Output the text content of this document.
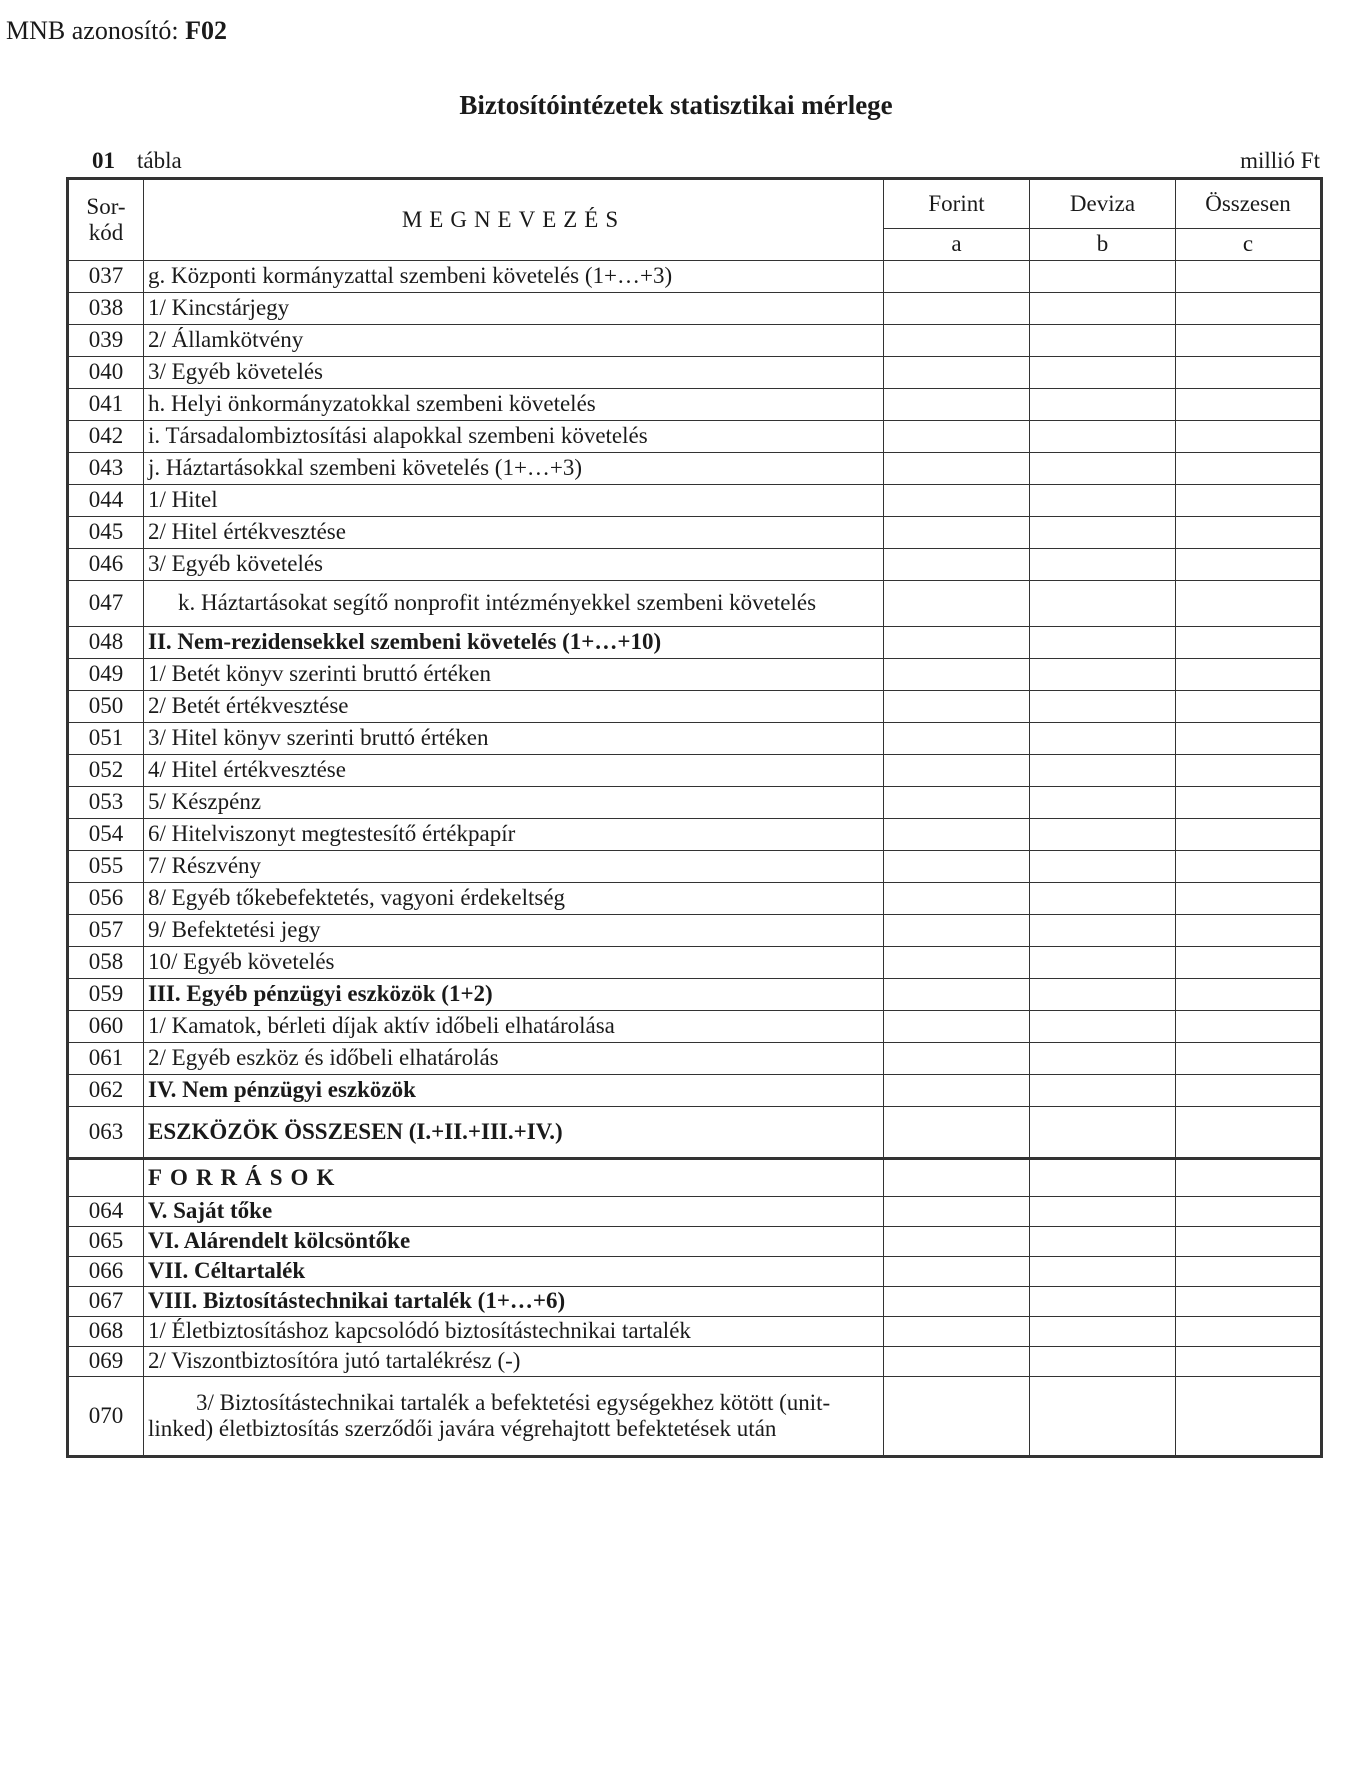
MNB azonosító: F02
Biztosítóintézetek statisztikai mérlege
01 tábla	millió Ft
Sor-
kód	MEGNEVEZÉS	Forint	Deviza	Összesen
		a	b	c
037	g. Központi kormányzattal szembeni követelés (1+…+3)			
038	1/ Kincstárjegy			
039	2/ Államkötvény			
040	3/ Egyéb követelés			
041	h. Helyi önkormányzatokkal szembeni követelés			
042	i. Társadalombiztosítási alapokkal szembeni követelés			
043	j. Háztartásokkal szembeni követelés (1+…+3)			
044	1/ Hitel			
045	2/ Hitel értékvesztése			
046	3/ Egyéb követelés			
047	k. Háztartásokat segítő nonprofit intézményekkel szembeni követelés			
048	II. Nem-rezidensekkel szembeni követelés (1+…+10)			
049	1/ Betét könyv szerinti bruttó értéken			
050	2/ Betét értékvesztése			
051	3/ Hitel könyv szerinti bruttó értéken			
052	4/ Hitel értékvesztése			
053	5/ Készpénz			
054	6/ Hitelviszonyt megtestesítő értékpapír			
055	7/ Részvény			
056	8/ Egyéb tőkebefektetés, vagyoni érdekeltség			
057	9/ Befektetési jegy			
058	10/ Egyéb követelés			
059	III. Egyéb pénzügyi eszközök (1+2)			
060	1/ Kamatok, bérleti díjak aktív időbeli elhatárolása			
061	2/ Egyéb eszköz és időbeli elhatárolás			
062	IV. Nem pénzügyi eszközök			
063	ESZKÖZÖK ÖSSZESEN (I.+II.+III.+IV.)			
	FORRÁSOK			
064	V. Saját tőke			
065	VI. Alárendelt kölcsöntőke			
066	VII. Céltartalék			
067	VIII. Biztosítástechnikai tartalék (1+…+6)			
068	1/ Életbiztosításhoz kapcsolódó biztosítástechnikai tartalék			
069	2/ Viszontbiztosítóra jutó tartalékrész (-)			
070	3/ Biztosítástechnikai tartalék a befektetési egységekhez kötött (unit-linked) életbiztosítás szerződői javára végrehajtott befektetések után			
